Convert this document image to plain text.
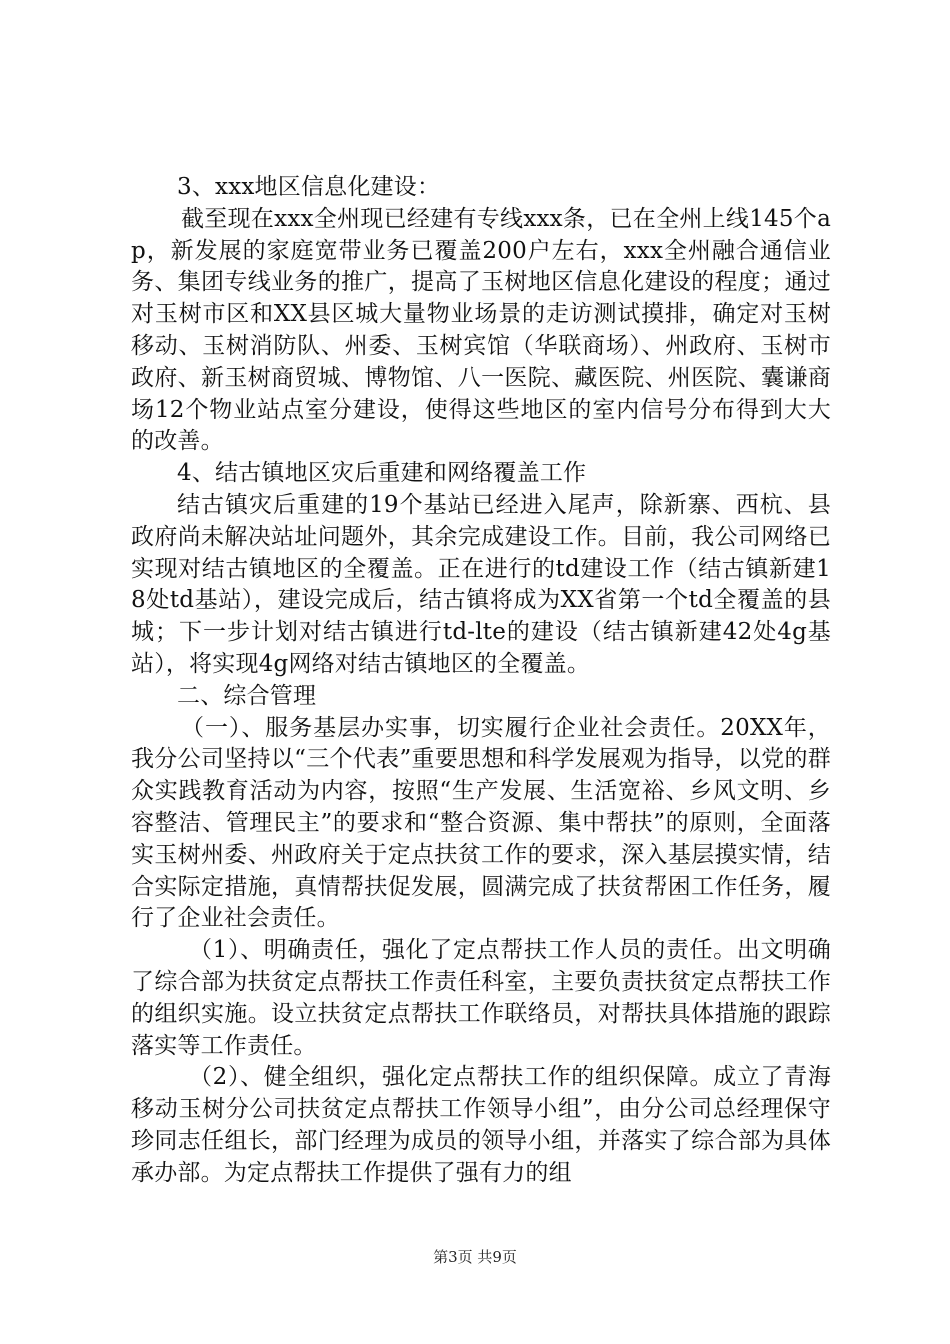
3、xxx地区信息化建设：

截至现在xxx全州现已经建有专线xxx条，已在全州上线145个ap，新发展的家庭宽带业务已覆盖200户左右，xxx全州融合通信业务、集团专线业务的推广，提高了玉树地区信息化建设的程度；通过对玉树市区和XX县区城大量物业场景的走访测试摸排，确定对玉树移动、玉树消防队、州委、玉树宾馆（华联商场）、州政府、玉树市政府、新玉树商贸城、博物馆、八一医院、藏医院、州医院、囊谦商场12个物业站点室分建设，使得这些地区的室内信号分布得到大大的改善。

4、结古镇地区灾后重建和网络覆盖工作

结古镇灾后重建的19个基站已经进入尾声，除新寨、西杭、县政府尚未解决站址问题外，其余完成建设工作。目前，我公司网络已实现对结古镇地区的全覆盖。正在进行的td建设工作（结古镇新建18处td基站），建设完成后，结古镇将成为XX省第一个td全覆盖的县城；下一步计划对结古镇进行td-lte的建设（结古镇新建42处4g基站），将实现4g网络对结古镇地区的全覆盖。

二、综合管理

（一）、服务基层办实事，切实履行企业社会责任。20XX年，我分公司坚持以“三个代表”重要思想和科学发展观为指导，以党的群众实践教育活动为内容，按照“生产发展、生活宽裕、乡风文明、乡容整洁、管理民主”的要求和“整合资源、集中帮扶”的原则，全面落实玉树州委、州政府关于定点扶贫工作的要求，深入基层摸实情，结合实际定措施，真情帮扶促发展，圆满完成了扶贫帮困工作任务，履行了企业社会责任。

（1）、明确责任，强化了定点帮扶工作人员的责任。出文明确了综合部为扶贫定点帮扶工作责任科室，主要负责扶贫定点帮扶工作的组织实施。设立扶贫定点帮扶工作联络员，对帮扶具体措施的跟踪落实等工作责任。

（2）、健全组织，强化定点帮扶工作的组织保障。成立了青海移动玉树分公司扶贫定点帮扶工作领导小组”，由分公司总经理保守珍同志任组长，部门经理为成员的领导小组，并落实了综合部为具体承办部。为定点帮扶工作提供了强有力的组

第3页 共9页
